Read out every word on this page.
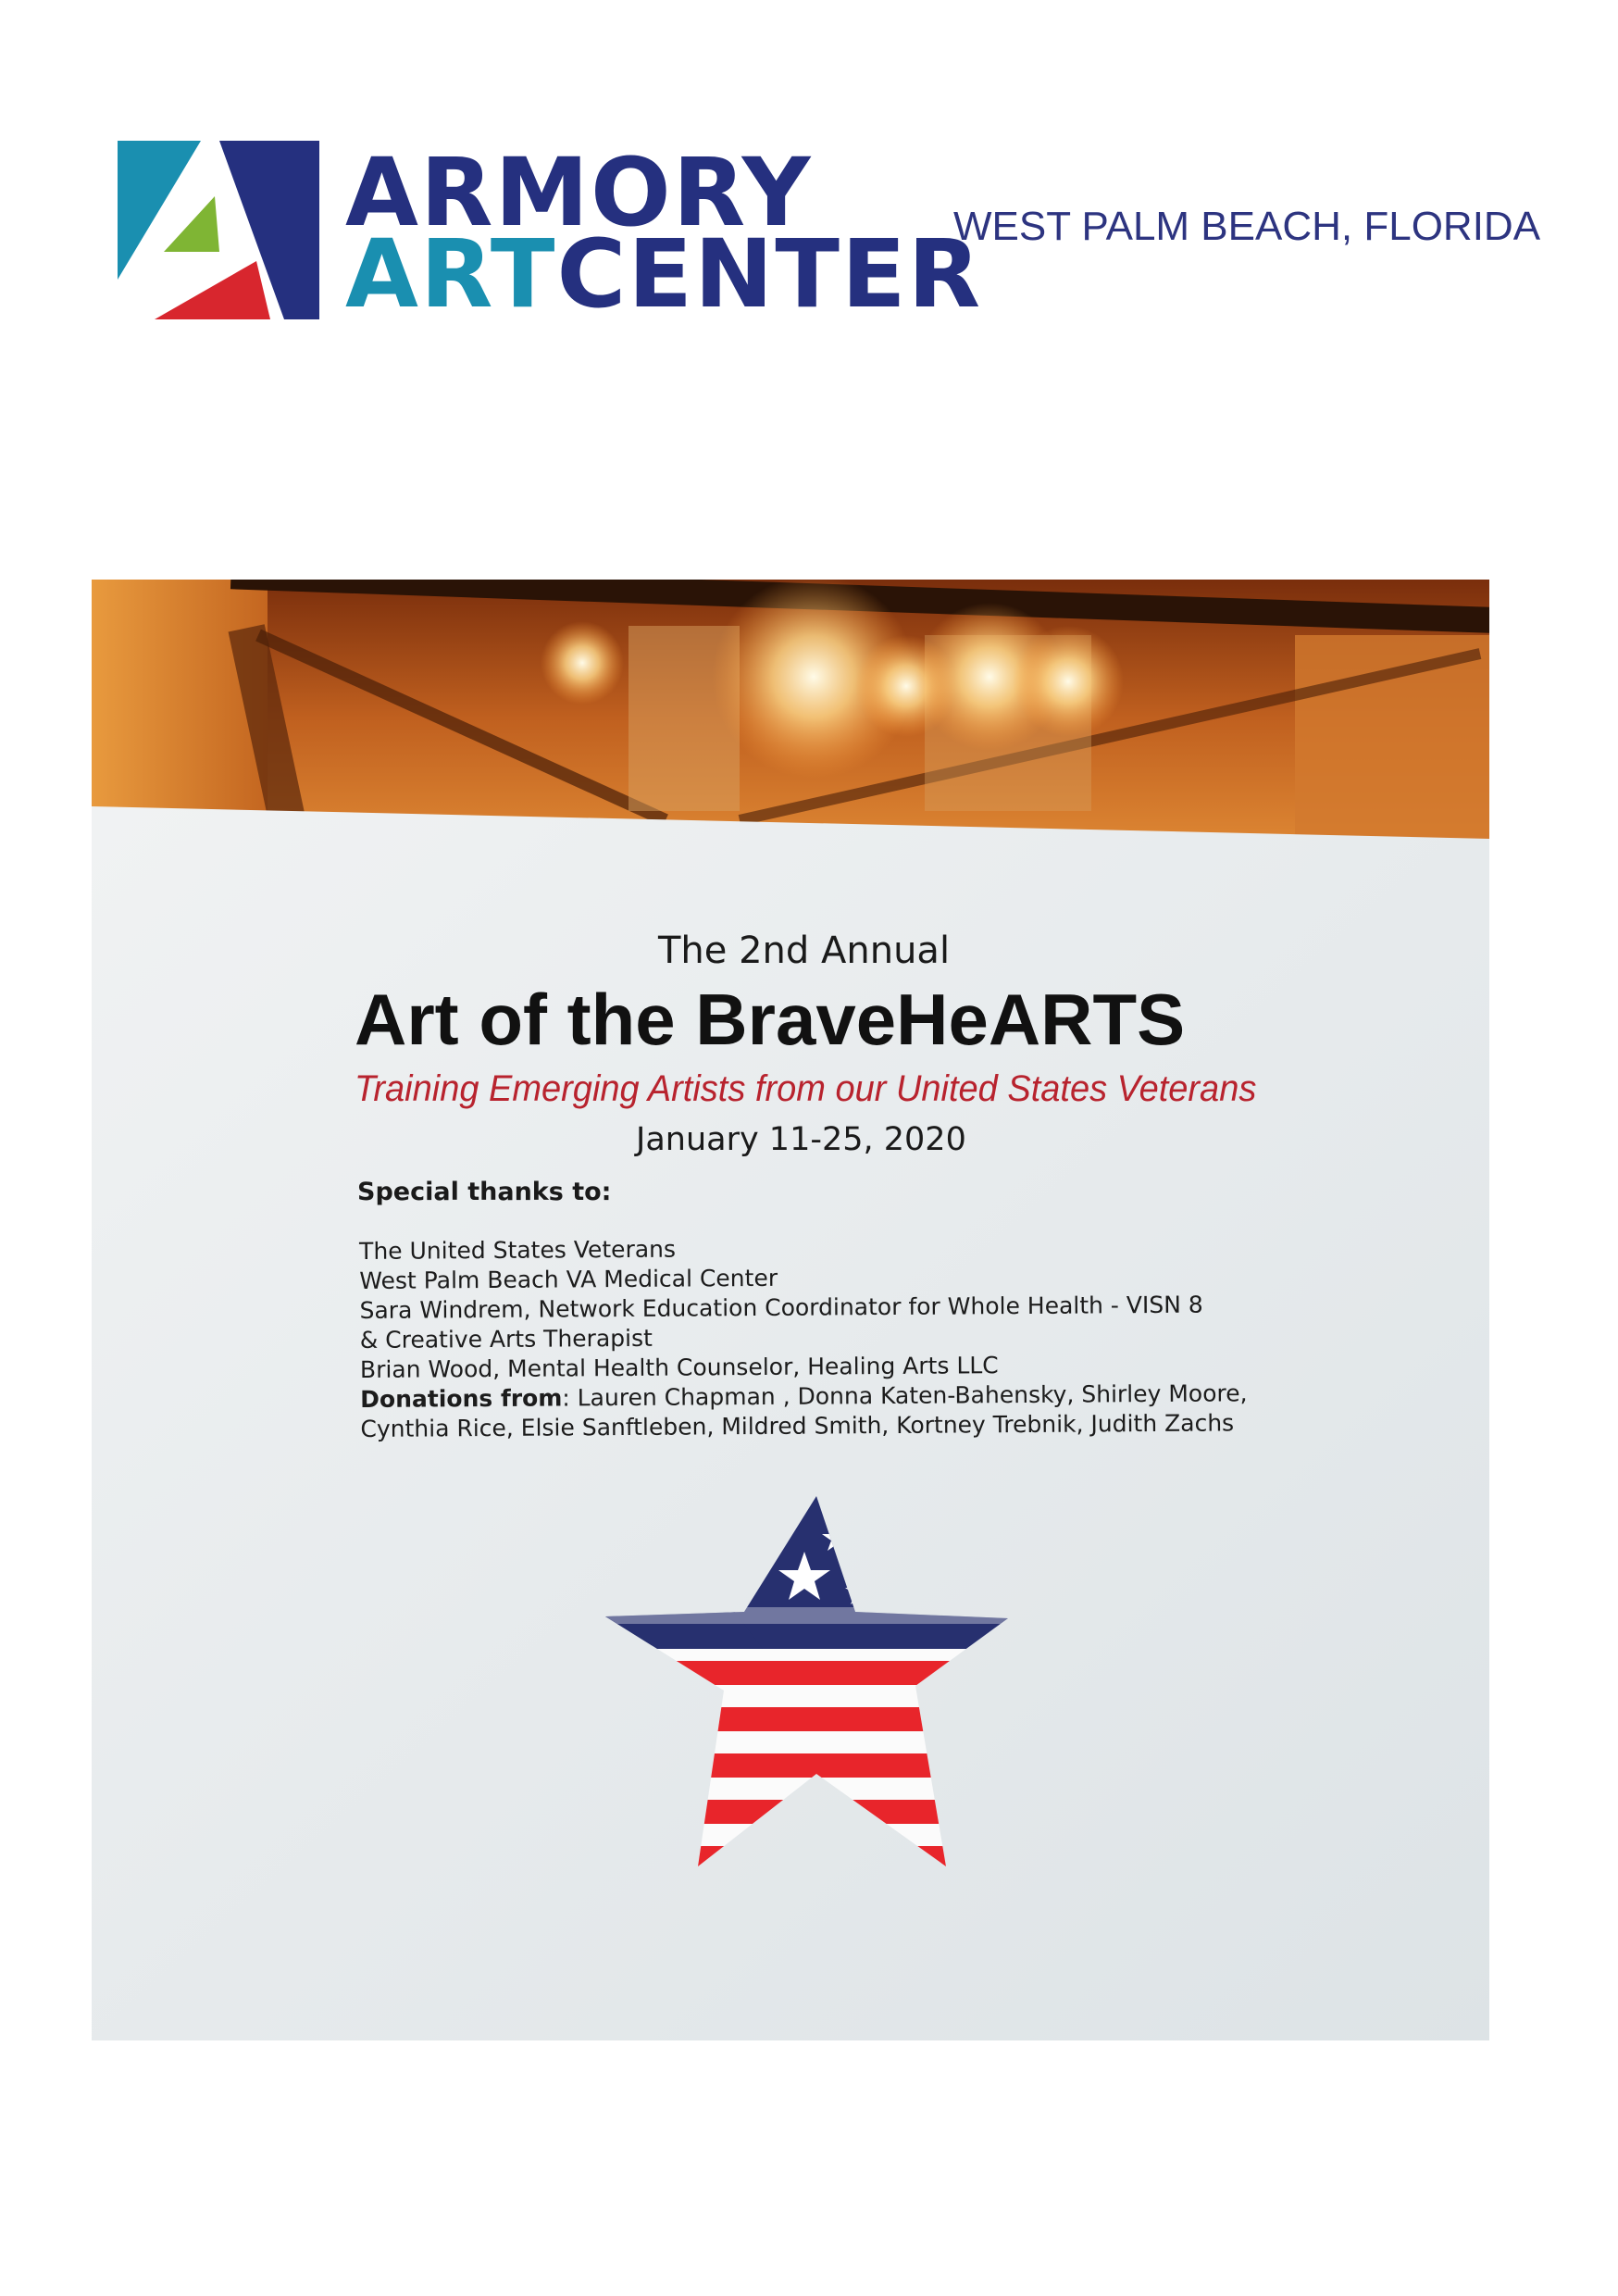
ARMORY

ARTCENTER

WEST PALM BEACH, FLORIDA

The 2nd Annual

Art of the BraveHeARTS

Training Emerging Artists from our United States Veterans

January 11-25, 2020

Special thanks to:

The United States Veterans
West Palm Beach VA Medical Center
Sara Windrem, Network Education Coordinator for Whole Health - VISN 8
& Creative Arts Therapist
Brian Wood, Mental Health Counselor, Healing Arts LLC
Donations from: Lauren Chapman , Donna Katen-Bahensky, Shirley Moore,
Cynthia Rice, Elsie Sanftleben, Mildred Smith, Kortney Trebnik, Judith Zachs
